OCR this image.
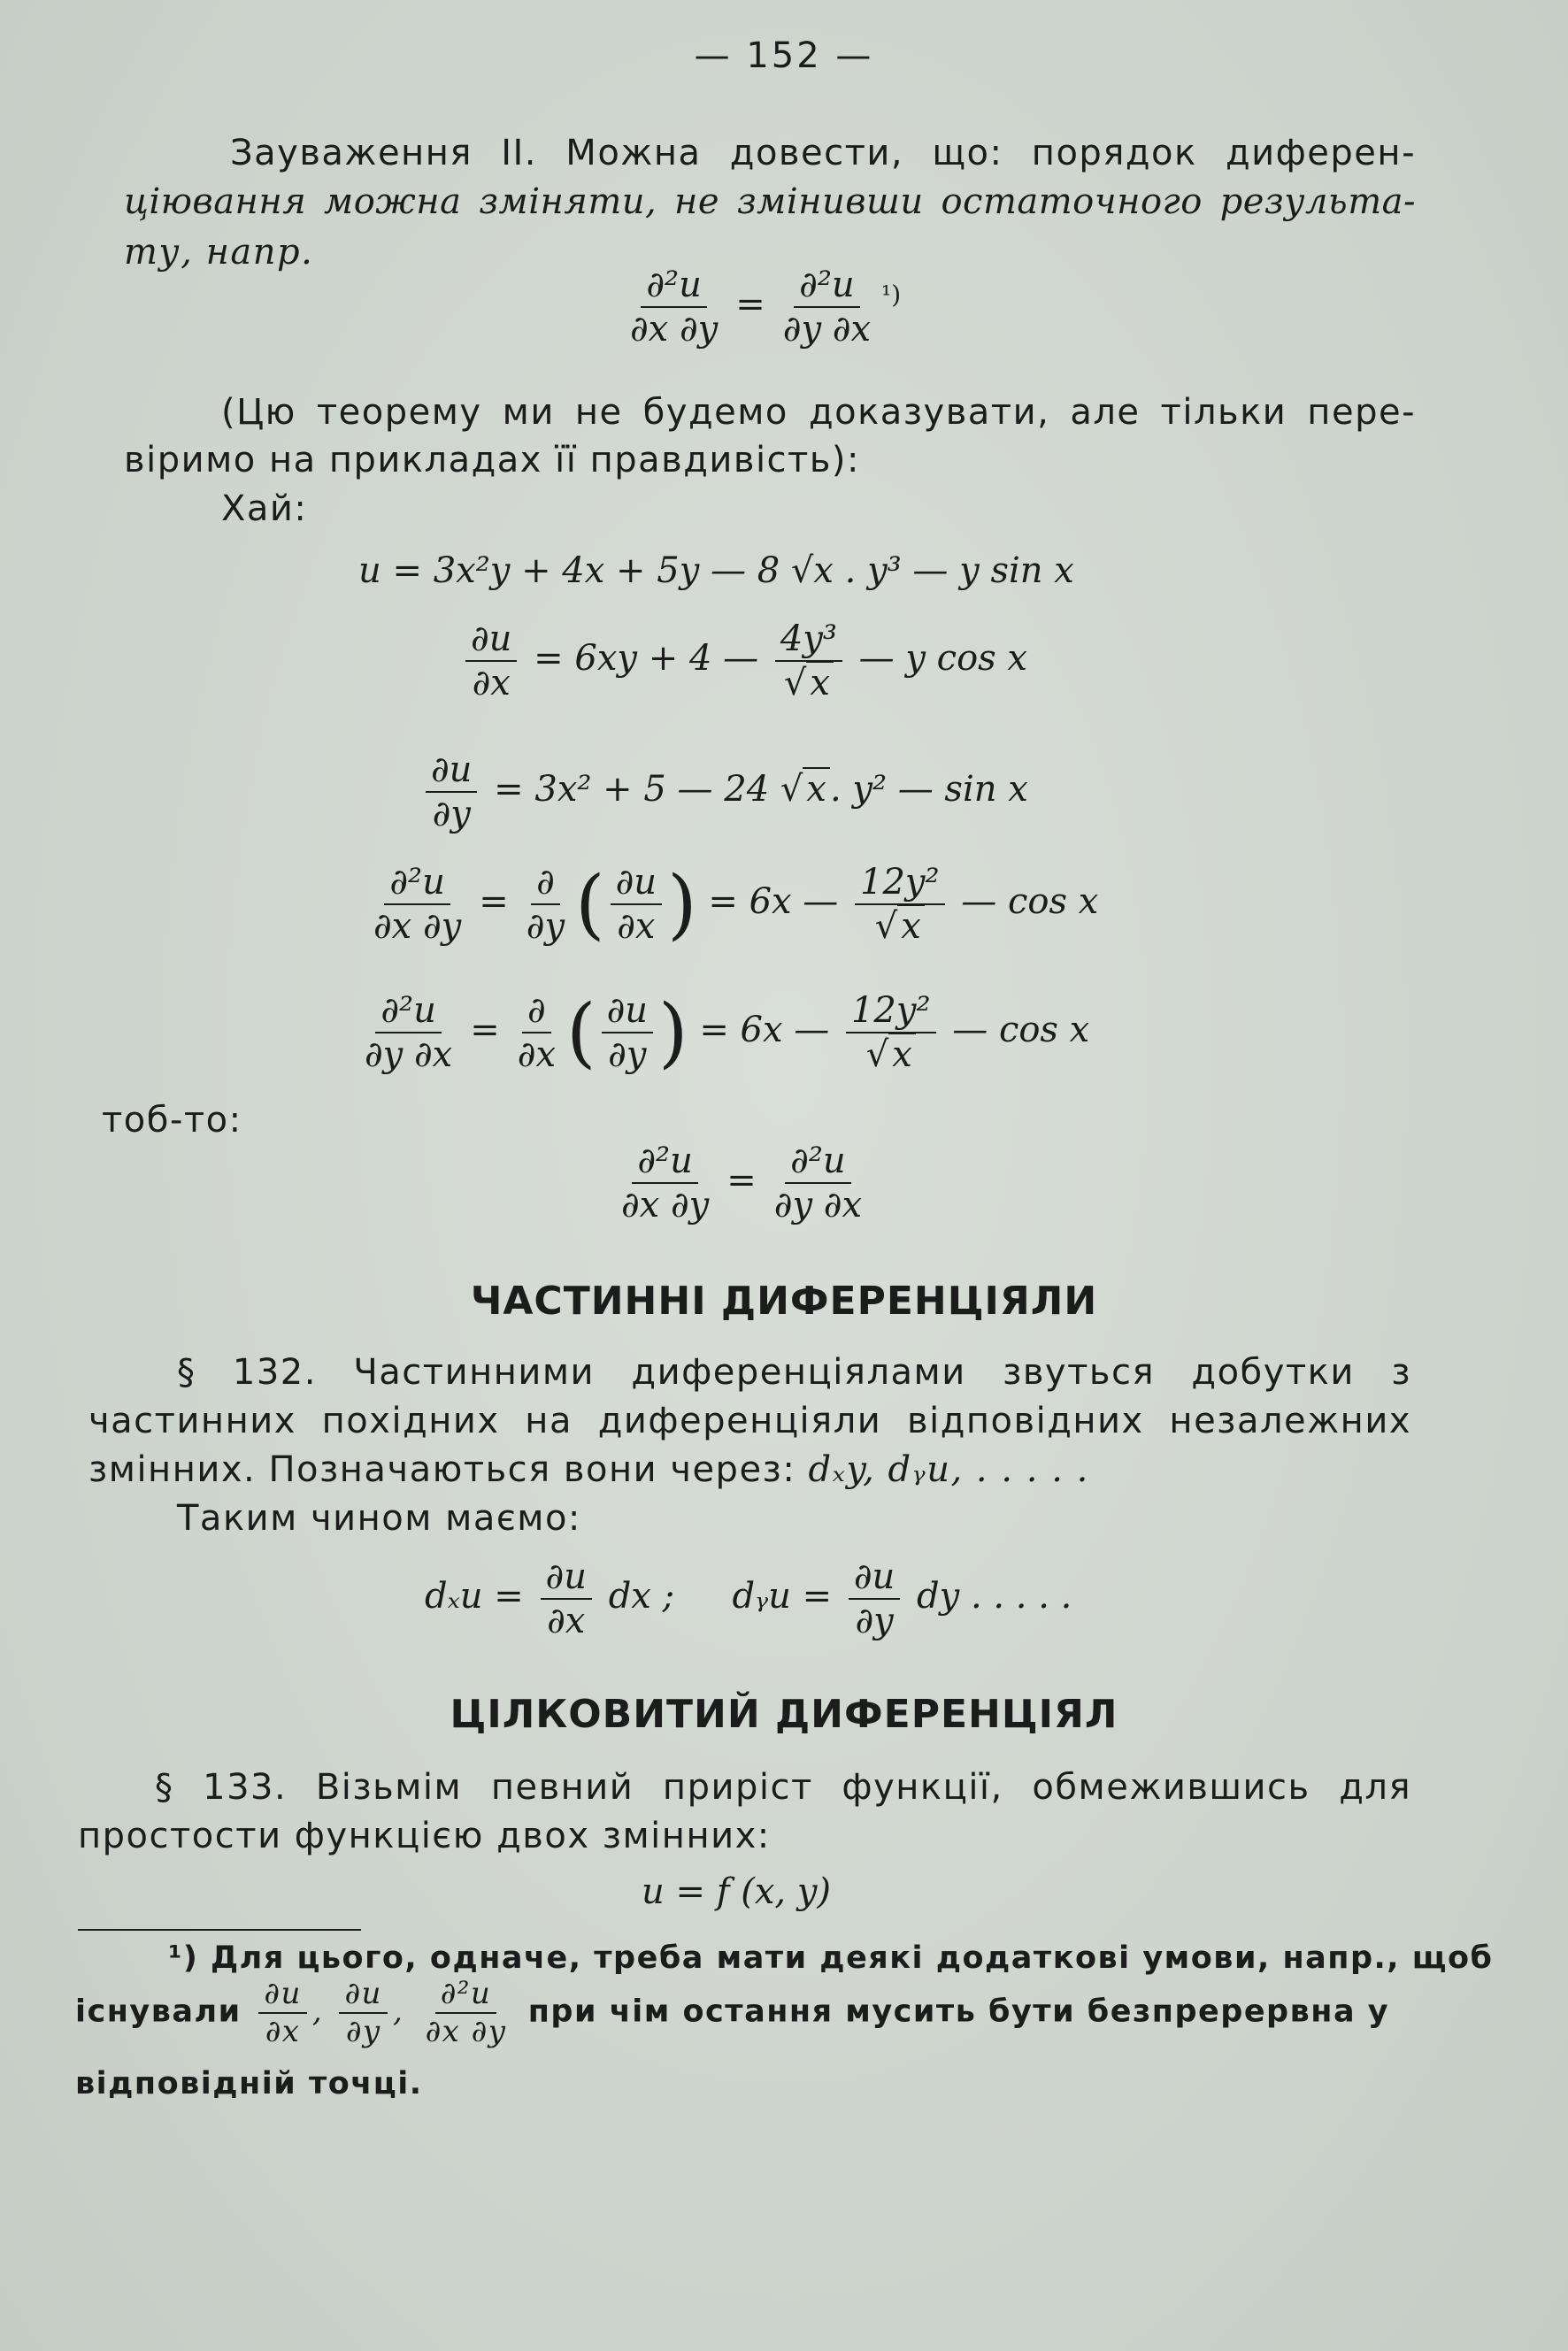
— 152 —
Зауваження II. Можна довести, що: порядок диферен-
ціювання можна зміняти, не змінивши остаточного результа-
ту, напр.
$\frac{\text{∂²u}}{\partial x \partial y} = \frac{\text{∂²u}}{\partial y \partial x} ^{^1)}$
(Цю теорему ми не будемо доказувати, але тільки пере-
віримо на прикладах її правдивість):
Хай:
u = 3x²y + 4x + 5y — 8 √x . y³ — y sin x
$\frac{\partial u}{\partial x} = 6xy + 4$ — $\frac{\text{4y³}}{√ x}$ — y cos x
$\frac{\partial u}{\partial y} = 3x^2 + 5$ — 24 √ x . y² — sin x
$\frac{\text{∂²u}}{\partial x \partial y} = \frac{\partial}{\partial y}$ ( $\frac{\partial u}{\partial x}$ ) = 6x — $\frac{\text{12y²}}{√ x}$ — cos x
$\frac{\text{∂²u}}{\partial y \partial x} = \frac{\partial}{\partial x}$ ( $\frac{\partial u}{\partial y}$ ) = 6x — $\frac{\text{12y²}}{√ x}$ — cos x
тоб-то:
$\frac{\text{∂²u}}{\partial x \partial y} = \frac{\text{∂²u}}{\partial y \partial x}$
ЧАСТИННІ ДИФЕРЕНЦІЯЛИ
§ 132. Частинними диференціялами звуться добутки з
частинних похідних на диференціяли відповідних незалежних
змінних. Позначаються вони через: dₓy, dᵧu, . . . . .
Таким чином маємо:
$d_xu = \frac{\partial u}{\partial x}$ dx ; dᵧu = $\frac{\partial u}{\partial y}$ dy . . . . .
ЦІЛКОВИТИЙ ДИФЕРЕНЦІЯЛ
§ 133. Візьмім певний приріст функції, обмежившись для
простости функцією двох змінних:
u = f (x, y)
¹) Для цього, одначе, треба мати деякі додаткові умови, напр., щоб
існували $\frac{\partial u}{\partial x}$ , $\frac{\partial u}{\partial y}$ , $\frac{\text{∂²u}}{\partial x \partial y}$ при чім остання мусить бути безпрерервна у
відповідній точці.
